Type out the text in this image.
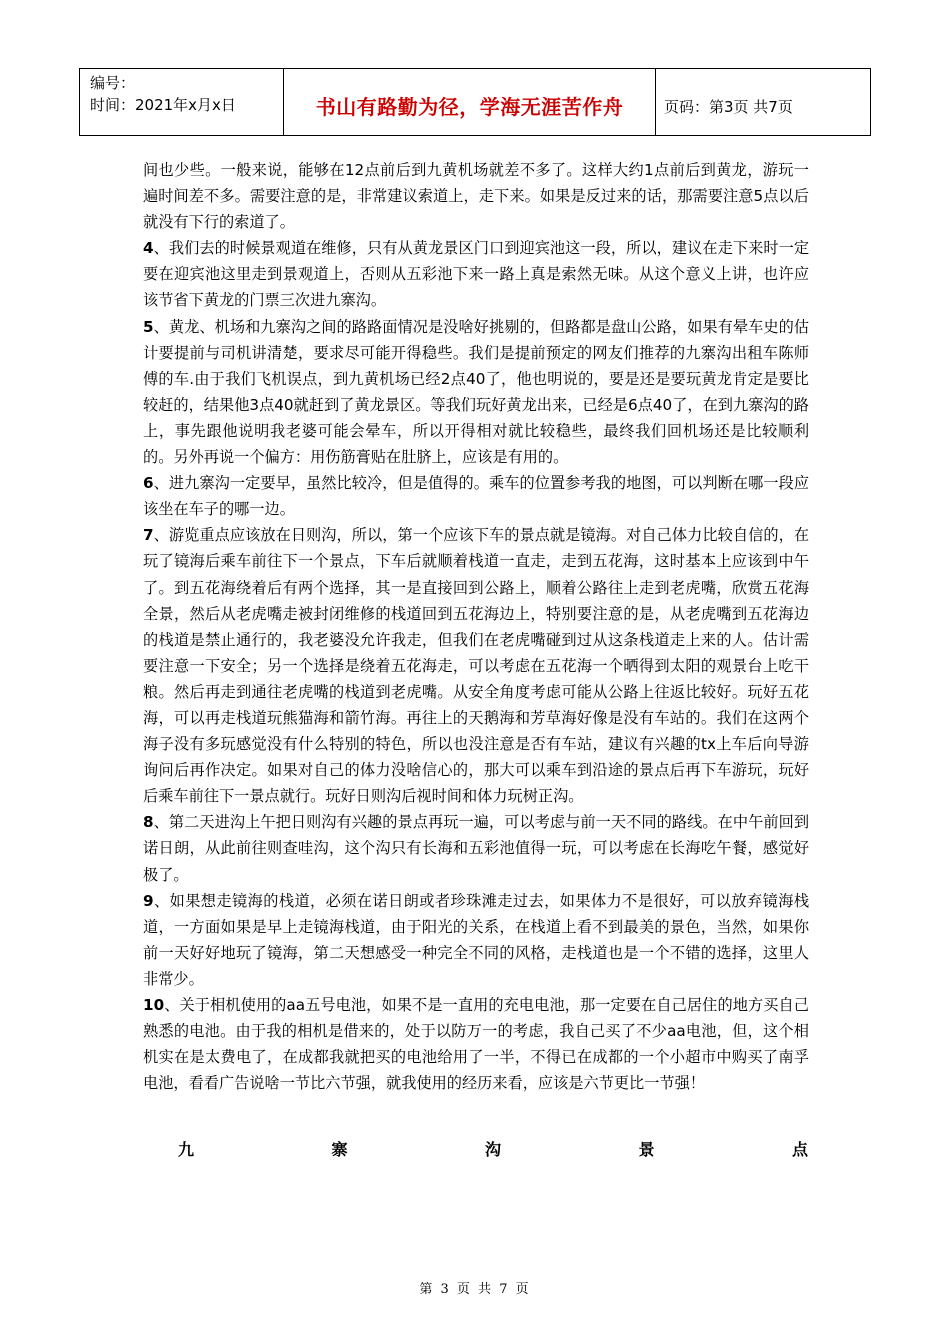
编号：
时间：2021年x月x日	书山有路勤为径，学海无涯苦作舟	页码：第3页 共7页

间也少些。一般来说，能够在12点前后到九黄机场就差不多了。这样大约1点前后到黄龙，游玩一遍时间差不多。需要注意的是，非常建议索道上，走下来。如果是反过来的话，那需要注意5点以后就没有下行的索道了。

4、我们去的时候景观道在维修，只有从黄龙景区门口到迎宾池这一段，所以，建议在走下来时一定要在迎宾池这里走到景观道上，否则从五彩池下来一路上真是索然无味。从这个意义上讲，也许应该节省下黄龙的门票三次进九寨沟。

5、黄龙、机场和九寨沟之间的路路面情况是没啥好挑剔的，但路都是盘山公路，如果有晕车史的估计要提前与司机讲清楚，要求尽可能开得稳些。我们是提前预定的网友们推荐的九寨沟出租车陈师傅的车.由于我们飞机误点，到九黄机场已经2点40了，他也明说的，要是还是要玩黄龙肯定是要比较赶的，结果他3点40就赶到了黄龙景区。等我们玩好黄龙出来，已经是6点40了，在到九寨沟的路上，事先跟他说明我老婆可能会晕车，所以开得相对就比较稳些，最终我们回机场还是比较顺利的。另外再说一个偏方：用伤筋膏贴在肚脐上，应该是有用的。

6、进九寨沟一定要早，虽然比较冷，但是值得的。乘车的位置参考我的地图，可以判断在哪一段应该坐在车子的哪一边。

7、游览重点应该放在日则沟，所以，第一个应该下车的景点就是镜海。对自己体力比较自信的，在玩了镜海后乘车前往下一个景点，下车后就顺着栈道一直走，走到五花海，这时基本上应该到中午了。到五花海绕着后有两个选择，其一是直接回到公路上，顺着公路往上走到老虎嘴，欣赏五花海全景，然后从老虎嘴走被封闭维修的栈道回到五花海边上，特别要注意的是，从老虎嘴到五花海边的栈道是禁止通行的，我老婆没允许我走，但我们在老虎嘴碰到过从这条栈道走上来的人。估计需要注意一下安全；另一个选择是绕着五花海走，可以考虑在五花海一个晒得到太阳的观景台上吃干粮。然后再走到通往老虎嘴的栈道到老虎嘴。从安全角度考虑可能从公路上往返比较好。玩好五花海，可以再走栈道玩熊猫海和箭竹海。再往上的天鹅海和芳草海好像是没有车站的。我们在这两个海子没有多玩感觉没有什么特别的特色，所以也没注意是否有车站，建议有兴趣的tx上车后向导游询问后再作决定。如果对自己的体力没啥信心的，那大可以乘车到沿途的景点后再下车游玩，玩好后乘车前往下一景点就行。玩好日则沟后视时间和体力玩树正沟。

8、第二天进沟上午把日则沟有兴趣的景点再玩一遍，可以考虑与前一天不同的路线。在中午前回到诺日朗，从此前往则查哇沟，这个沟只有长海和五彩池值得一玩，可以考虑在长海吃午餐，感觉好极了。

9、如果想走镜海的栈道，必须在诺日朗或者珍珠滩走过去，如果体力不是很好，可以放弃镜海栈道，一方面如果是早上走镜海栈道，由于阳光的关系，在栈道上看不到最美的景色，当然，如果你前一天好好地玩了镜海，第二天想感受一种完全不同的风格，走栈道也是一个不错的选择，这里人非常少。

10、关于相机使用的aa五号电池，如果不是一直用的充电电池，那一定要在自己居住的地方买自己熟悉的电池。由于我的相机是借来的，处于以防万一的考虑，我自己买了不少aa电池，但，这个相机实在是太费电了，在成都我就把买的电池给用了一半，不得已在成都的一个小超市中购买了南孚电池，看看广告说啥一节比六节强，就我使用的经历来看，应该是六节更比一节强！

九	寨	沟	景	点
第 3 页 共 7 页
